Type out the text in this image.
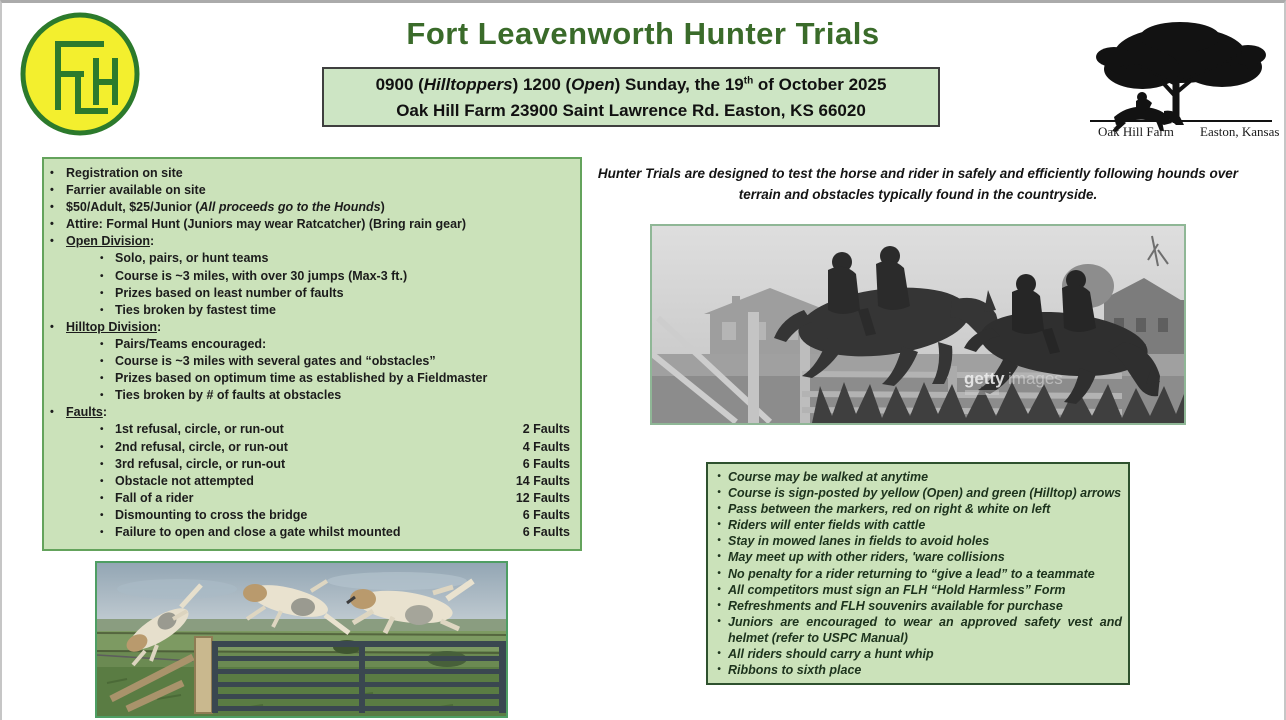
Fort Leavenworth Hunter Trials
Oak Hill Farm Easton, Kansas
0900 (Hilltoppers) 1200 (Open) Sunday, the 19th of October 2025
Oak Hill Farm 23900 Saint Lawrence Rd. Easton, KS 66020
• Registration on site
• Farrier available on site
• $50/Adult, $25/Junior (All proceeds go to the Hounds)
• Attire: Formal Hunt (Juniors may wear Ratcatcher) (Bring rain gear)
• Open Division:
• Solo, pairs, or hunt teams
• Course is ~3 miles, with over 30 jumps (Max-3 ft.)
• Prizes based on least number of faults
• Ties broken by fastest time
• Hilltop Division:
• Pairs/Teams encouraged:
• Course is ~3 miles with several gates and “obstacles”
• Prizes based on optimum time as established by a Fieldmaster
• Ties broken by # of faults at obstacles
• Faults:
• 1st refusal, circle, or run-out	2 Faults
• 2nd refusal, circle, or run-out	4 Faults
• 3rd refusal, circle, or run-out	6 Faults
• Obstacle not attempted	14 Faults
• Fall of a rider	12 Faults
• Dismounting to cross the bridge	6 Faults
• Failure to open and close a gate whilst mounted	6 Faults
Hunter Trials are designed to test the horse and rider in safely and efficiently following hounds over terrain and obstacles typically found in the countryside.
getty images
• Course may be walked at anytime
• Course is sign-posted by yellow (Open) and green (Hilltop) arrows
• Pass between the markers, red on right & white on left
• Riders will enter fields with cattle
• Stay in mowed lanes in fields to avoid holes
• May meet up with other riders, 'ware collisions
• No penalty for a rider returning to “give a lead” to a teammate
• All competitors must sign an FLH “Hold Harmless” Form
• Refreshments and FLH souvenirs available for purchase
• Juniors are encouraged to wear an approved safety vest and helmet (refer to USPC Manual)
• All riders should carry a hunt whip
• Ribbons to sixth place
